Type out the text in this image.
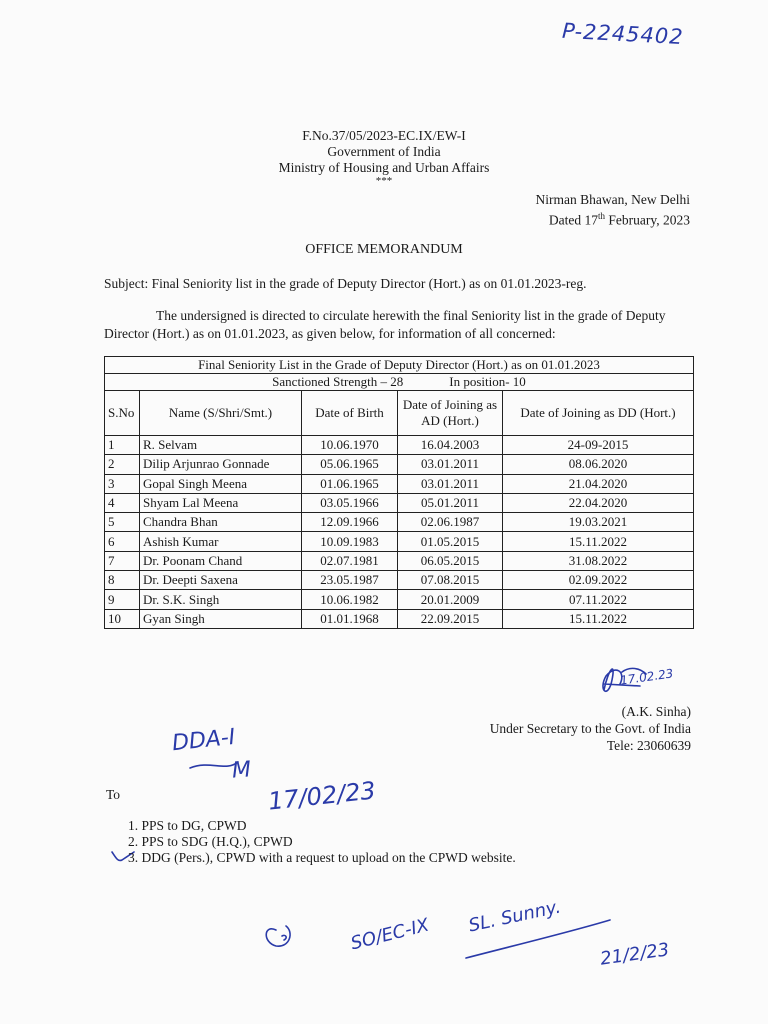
P-2245402
F.No.37/05/2023-EC.IX/EW-I
Government of India
Ministry of Housing and Urban Affairs
***
Nirman Bhawan, New Delhi
Dated 17th February, 2023
OFFICE MEMORANDUM
Subject: Final Seniority list in the grade of Deputy Director (Hort.) as on 01.01.2023-reg.
The undersigned is directed to circulate herewith the final Seniority list in the grade of Deputy Director (Hort.) as on 01.01.2023, as given below, for information of all concerned:
Final Seniority List in the Grade of Deputy Director (Hort.) as on 01.01.2023				
Sanctioned Strength – 28 In position- 10				
S.No	Name (S/Shri/Smt.)	Date of Birth	Date of Joining as AD (Hort.)	Date of Joining as DD (Hort.)
1	R. Selvam	10.06.1970	16.04.2003	24-09-2015
2	Dilip Arjunrao Gonnade	05.06.1965	03.01.2011	08.06.2020
3	Gopal Singh Meena	01.06.1965	03.01.2011	21.04.2020
4	Shyam Lal Meena	03.05.1966	05.01.2011	22.04.2020
5	Chandra Bhan	12.09.1966	02.06.1987	19.03.2021
6	Ashish Kumar	10.09.1983	01.05.2015	15.11.2022
7	Dr. Poonam Chand	02.07.1981	06.05.2015	31.08.2022
8	Dr. Deepti Saxena	23.05.1987	07.08.2015	02.09.2022
9	Dr. S.K. Singh	10.06.1982	20.01.2009	07.11.2022
10	Gyan Singh	01.01.1968	22.09.2015	15.11.2022
17.02.23
(A.K. Sinha)
Under Secretary to the Govt. of India
Tele: 23060639
DDA-I
M
17/02/23
To
1. PPS to DG, CPWD
2. PPS to SDG (H.Q.), CPWD
3. DDG (Pers.), CPWD with a request to upload on the CPWD website.
SO/EC-IX SL. Sunny.
21/2/23
